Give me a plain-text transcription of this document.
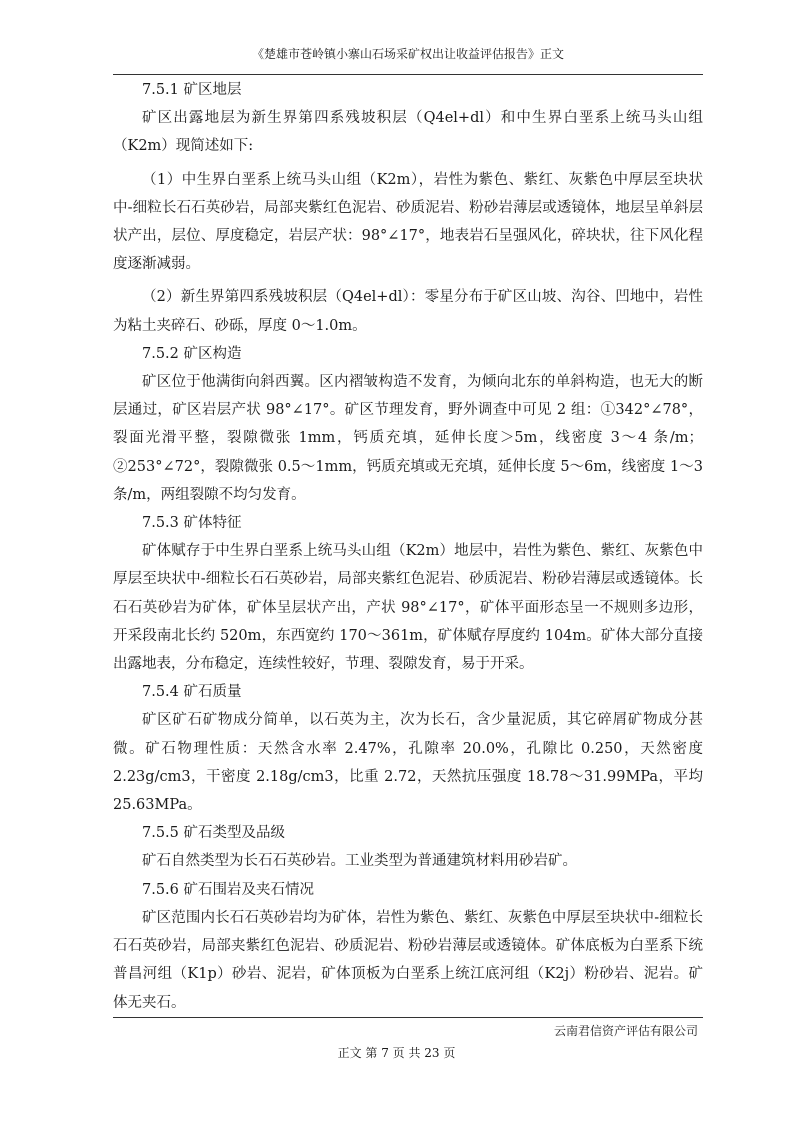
《楚雄市苍岭镇小寨山石场采矿权出让收益评估报告》正文
7.5.1 矿区地层

矿区出露地层为新生界第四系残坡积层（Q4el+dl）和中生界白垩系上统马头山组（K2m）现简述如下:

（1）中生界白垩系上统马头山组（K2m），岩性为紫色、紫红、灰紫色中厚层至块状中-细粒长石石英砂岩，局部夹紫红色泥岩、砂质泥岩、粉砂岩薄层或透镜体，地层呈单斜层状产出，层位、厚度稳定，岩层产状：98°∠17°，地表岩石呈强风化，碎块状，往下风化程度逐渐减弱。

（2）新生界第四系残坡积层（Q4el+dl）：零星分布于矿区山坡、沟谷、凹地中，岩性为粘土夹碎石、砂砾，厚度 0～1.0m。

7.5.2 矿区构造

矿区位于他满街向斜西翼。区内褶皱构造不发育，为倾向北东的单斜构造，也无大的断层通过，矿区岩层产状 98°∠17°。矿区节理发育，野外调查中可见 2 组：①342°∠78°，裂面光滑平整，裂隙微张 1mm，钙质充填，延伸长度＞5m，线密度 3～4 条/m；②253°∠72°，裂隙微张 0.5～1mm，钙质充填或无充填，延伸长度 5～6m，线密度 1～3 条/m，两组裂隙不均匀发育。

7.5.3 矿体特征

矿体赋存于中生界白垩系上统马头山组（K2m）地层中，岩性为紫色、紫红、灰紫色中厚层至块状中-细粒长石石英砂岩，局部夹紫红色泥岩、砂质泥岩、粉砂岩薄层或透镜体。长石石英砂岩为矿体，矿体呈层状产出，产状 98°∠17°，矿体平面形态呈一不规则多边形，开采段南北长约 520m，东西宽约 170～361m，矿体赋存厚度约 104m。矿体大部分直接出露地表，分布稳定，连续性较好，节理、裂隙发育，易于开采。

7.5.4 矿石质量

矿区矿石矿物成分简单，以石英为主，次为长石，含少量泥质，其它碎屑矿物成分甚微。矿石物理性质：天然含水率 2.47%，孔隙率 20.0%，孔隙比 0.250，天然密度 2.23g/cm3，干密度 2.18g/cm3，比重 2.72，天然抗压强度 18.78～31.99MPa，平均 25.63MPa。

7.5.5 矿石类型及品级

矿石自然类型为长石石英砂岩。工业类型为普通建筑材料用砂岩矿。

7.5.6 矿石围岩及夹石情况

矿区范围内长石石英砂岩均为矿体，岩性为紫色、紫红、灰紫色中厚层至块状中-细粒长石石英砂岩，局部夹紫红色泥岩、砂质泥岩、粉砂岩薄层或透镜体。矿体底板为白垩系下统普昌河组（K1p）砂岩、泥岩，矿体顶板为白垩系上统江底河组（K2j）粉砂岩、泥岩。矿体无夹石。

云南君信资产评估有限公司
正文 第 7 页 共 23 页
